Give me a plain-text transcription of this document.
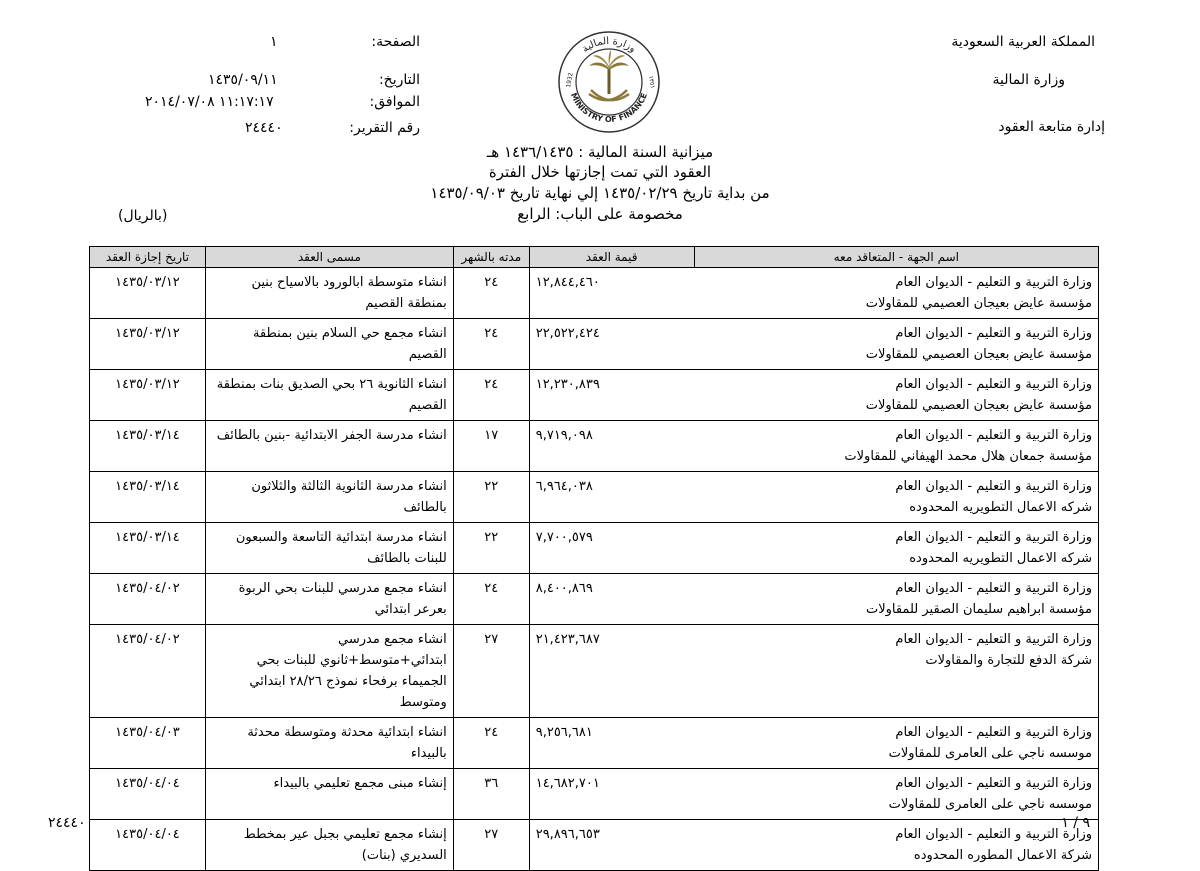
المملكة العربية السعودية
وزارة المالية
إدارة متابعة العقود
الصفحة:
١
التاريخ:
١٤٣٥/٠٩/١١
الموافق:
١١:١٧:١٧ ٢٠١٤/٠٧/٠٨
رقم التقرير:
٢٤٤٤٠
وزارة المالية
MINISTRY OF FINANCE
1932	١٣٥١
ميزانية السنة المالية : ١٤٣٦/١٤٣٥ هـ
العقود التي تمت إجازتها خلال الفترة
من بداية تاريخ ١٤٣٥/٠٢/٢٩ إلي نهاية تاريخ ١٤٣٥/٠٩/٠٣
مخصومة على الباب: الرابع
(بالريال)
اسم الجهة - المتعاقد معه	قيمة العقد	مدته بالشهر	مسمى العقد	تاريخ إجازة العقد

وزارة التربية و التعليم - الديوان العام
مؤسسة عايض بعيجان العصيمي للمقاولات	١٢,٨٤٤,٤٦٠	٢٤	انشاء متوسطة ابالورود بالاسياح بنين بمنطقة القصيم	١٤٣٥/٠٣/١٢

وزارة التربية و التعليم - الديوان العام
مؤسسة عايض بعيجان العصيمي للمقاولات	٢٢,٥٢٢,٤٢٤	٢٤	انشاء مجمع حي السلام بنين بمنطقة القصيم	١٤٣٥/٠٣/١٢

وزارة التربية و التعليم - الديوان العام
مؤسسة عايض بعيجان العصيمي للمقاولات	١٢,٢٣٠,٨٣٩	٢٤	انشاء الثانوية ٢٦ بحي الصديق بنات بمنطقة القصيم	١٤٣٥/٠٣/١٢

وزارة التربية و التعليم - الديوان العام
مؤسسة جمعان هلال محمد الهيفاني للمقاولات	٩,٧١٩,٠٩٨	١٧	انشاء مدرسة الجفر الابتدائية -بنين بالطائف	١٤٣٥/٠٣/١٤

وزارة التربية و التعليم - الديوان العام
شركه الاعمال التطويريه المحدوده	٦,٩٦٤,٠٣٨	٢٢	انشاء مدرسة الثانوية الثالثة والثلاثون بالطائف	١٤٣٥/٠٣/١٤

وزارة التربية و التعليم - الديوان العام
شركه الاعمال التطويريه المحدوده	٧,٧٠٠,٥٧٩	٢٢	انشاء مدرسة ابتدائية التاسعة والسبعون للبنات بالطائف	١٤٣٥/٠٣/١٤

وزارة التربية و التعليم - الديوان العام
مؤسسة ابراهيم سليمان الصقير للمقاولات	٨,٤٠٠,٨٦٩	٢٤	انشاء مجمع مدرسي للبنات بحي الربوة بعرعر ابتدائي	١٤٣٥/٠٤/٠٢

وزارة التربية و التعليم - الديوان العام
شركة الدفع للتجارة والمقاولات	٢١,٤٢٣,٦٨٧	٢٧	انشاء مجمع مدرسي ابتدائي+متوسط+ثانوي للبنات بحي الجميماء برفحاء نموذج ٢٨/٢٦ ابتدائي ومتوسط	١٤٣٥/٠٤/٠٢

وزارة التربية و التعليم - الديوان العام
موسسه ناجي على العامرى للمقاولات	٩,٢٥٦,٦٨١	٢٤	انشاء ابتدائية محدثة ومتوسطة محدثة بالبيداء	١٤٣٥/٠٤/٠٣

وزارة التربية و التعليم - الديوان العام
موسسه ناجي على العامرى للمقاولات	١٤,٦٨٢,٧٠١	٣٦	إنشاء مبنى مجمع تعليمي بالبيداء	١٤٣٥/٠٤/٠٤

وزارة التربية و التعليم - الديوان العام
شركة الاعمال المطوره المحدوده	٢٩,٨٩٦,٦٥٣	٢٧	إنشاء مجمع تعليمي بجبل عير بمخطط السديري (بنات)	١٤٣٥/٠٤/٠٤
٢٤٤٤٠	٩ / ١
